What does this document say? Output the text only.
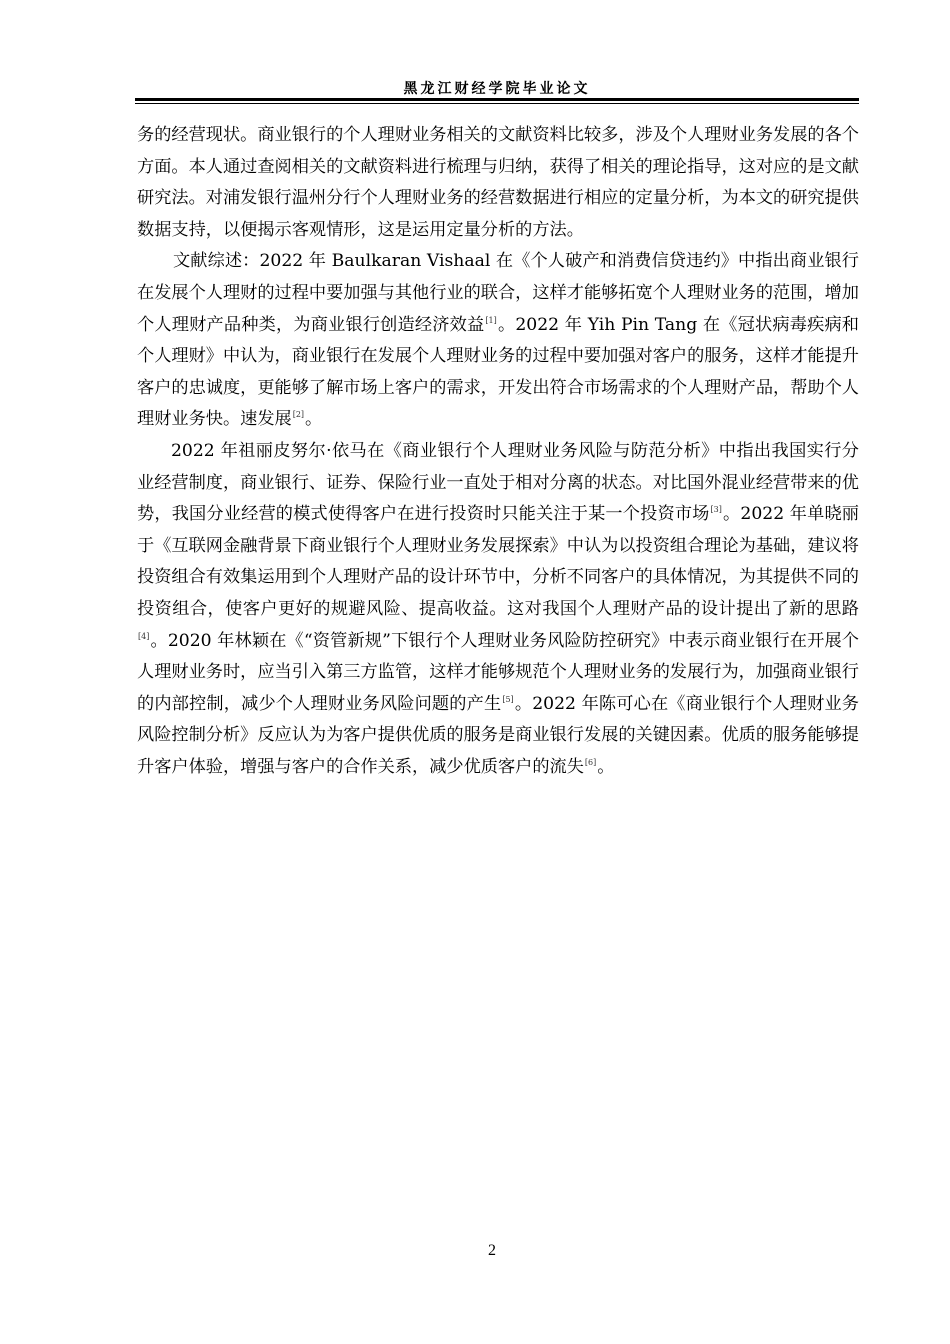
黑龙江财经学院毕业论文

务的经营现状。商业银行的个人理财业务相关的文献资料比较多，涉及个人理财业务发展的各个方面。本人通过查阅相关的文献资料进行梳理与归纳，获得了相关的理论指导，这对应的是文献研究法。对浦发银行温州分行个人理财业务的经营数据进行相应的定量分析，为本文的研究提供数据支持，以便揭示客观情形，这是运用定量分析的方法。

文献综述：2022 年 Baulkaran Vishaal 在《个人破产和消费信贷违约》中指出商业银行在发展个人理财的过程中要加强与其他行业的联合，这样才能够拓宽个人理财业务的范围，增加个人理财产品种类，为商业银行创造经济效益[1]。2022 年 Yih Pin Tang 在《冠状病毒疾病和个人理财》中认为，商业银行在发展个人理财业务的过程中要加强对客户的服务，这样才能提升客户的忠诚度，更能够了解市场上客户的需求，开发出符合市场需求的个人理财产品，帮助个人理财业务快。速发展[2]。

2022 年祖丽皮努尔·依马在《商业银行个人理财业务风险与防范分析》中指出我国实行分业经营制度，商业银行、证券、保险行业一直处于相对分离的状态。对比国外混业经营带来的优势，我国分业经营的模式使得客户在进行投资时只能关注于某一个投资市场[3]。2022 年单晓丽于《互联网金融背景下商业银行个人理财业务发展探索》中认为以投资组合理论为基础，建议将投资组合有效集运用到个人理财产品的设计环节中，分析不同客户的具体情况，为其提供不同的投资组合，使客户更好的规避风险、提高收益。这对我国个人理财产品的设计提出了新的思路[4]。2020 年林颖在《“资管新规”下银行个人理财业务风险防控研究》中表示商业银行在开展个人理财业务时，应当引入第三方监管，这样才能够规范个人理财业务的发展行为，加强商业银行的内部控制，减少个人理财业务风险问题的产生[5]。2022 年陈可心在《商业银行个人理财业务风险控制分析》反应认为为客户提供优质的服务是商业银行发展的关键因素。优质的服务能够提升客户体验，增强与客户的合作关系，减少优质客户的流失[6]。

2
